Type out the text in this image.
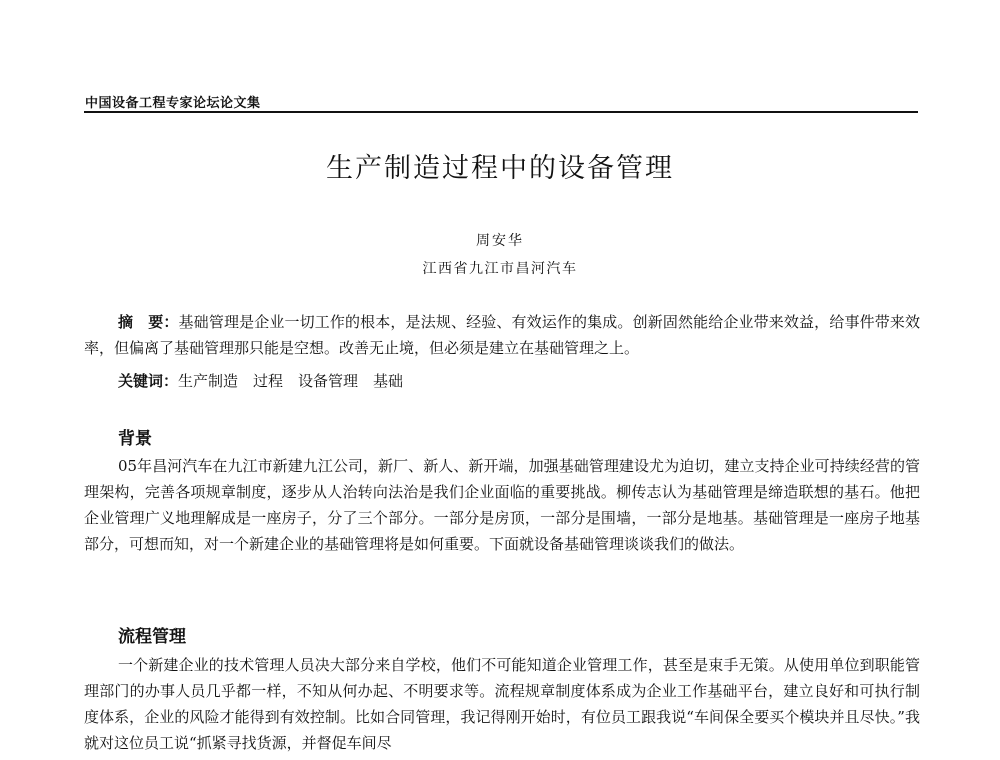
中国设备工程专家论坛论文集
生产制造过程中的设备管理
周安华
江西省九江市昌河汽车
摘　要：基础管理是企业一切工作的根本，是法规、经验、有效运作的集成。创新固然能给企业带来效益，给事件带来效率，但偏离了基础管理那只能是空想。改善无止境，但必须是建立在基础管理之上。
关键词：生产制造　过程　设备管理　基础
背景
05年昌河汽车在九江市新建九江公司，新厂、新人、新开端，加强基础管理建设尤为迫切，建立支持企业可持续经营的管理架构，完善各项规章制度，逐步从人治转向法治是我们企业面临的重要挑战。柳传志认为基础管理是缔造联想的基石。他把企业管理广义地理解成是一座房子，分了三个部分。一部分是房顶，一部分是围墙，一部分是地基。基础管理是一座房子地基部分，可想而知，对一个新建企业的基础管理将是如何重要。下面就设备基础管理谈谈我们的做法。
流程管理
一个新建企业的技术管理人员决大部分来自学校，他们不可能知道企业管理工作，甚至是束手无策。从使用单位到职能管理部门的办事人员几乎都一样，不知从何办起、不明要求等。流程规章制度体系成为企业工作基础平台，建立良好和可执行制度体系，企业的风险才能得到有效控制。比如合同管理，我记得刚开始时，有位员工跟我说“车间保全要买个模块并且尽快。”我就对这位员工说“抓紧寻找货源，并督促车间尽
